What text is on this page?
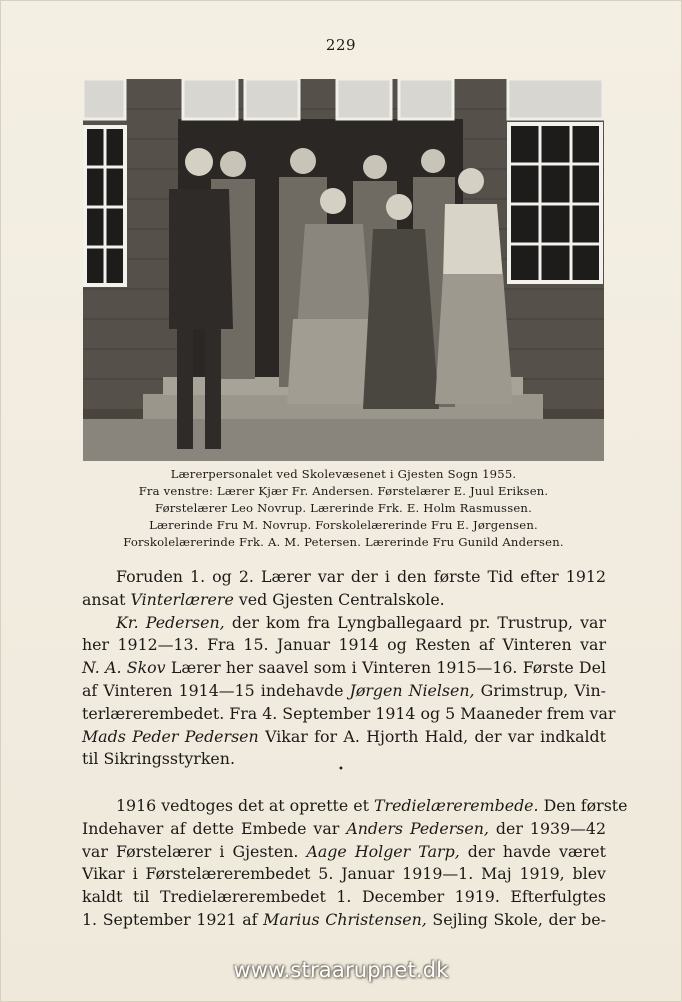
229
Lærerpersonalet ved Skolevæsenet i Gjesten Sogn 1955.
Fra venstre: Lærer Kjær Fr. Andersen. Førstelærer E. Juul Eriksen.
Førstelærer Leo Novrup. Lærerinde Frk. E. Holm Rasmussen.
Lærerinde Fru M. Novrup. Forskolelærerinde Fru E. Jørgensen.
Forskolelærerinde Frk. A. M. Petersen. Lærerinde Fru Gunild Andersen.
Foruden 1. og 2. Lærer var der i den første Tid efter 1912
ansat Vinterlærere ved Gjesten Centralskole.
Kr. Pedersen, der kom fra Lyngballegaard pr. Trustrup, var
her 1912—13. Fra 15. Januar 1914 og Resten af Vinteren var
N. A. Skov Lærer her saavel som i Vinteren 1915—16. Første Del
af Vinteren 1914—15 indehavde Jørgen Nielsen, Grimstrup, Vin-
terlærerembedet. Fra 4. September 1914 og 5 Maaneder frem var
Mads Peder Pedersen Vikar for A. Hjorth Hald, der var indkaldt
til Sikringsstyrken.
•
1916 vedtoges det at oprette et Tredielærerembede. Den første
Indehaver af dette Embede var Anders Pedersen, der 1939—42
var Førstelærer i Gjesten. Aage Holger Tarp, der havde været
Vikar i Førstelærerembedet 5. Januar 1919—1. Maj 1919, blev
kaldt til Tredielærerembedet 1. December 1919. Efterfulgtes
1. September 1921 af Marius Christensen, Sejling Skole, der be-
www.straarupnet.dk
